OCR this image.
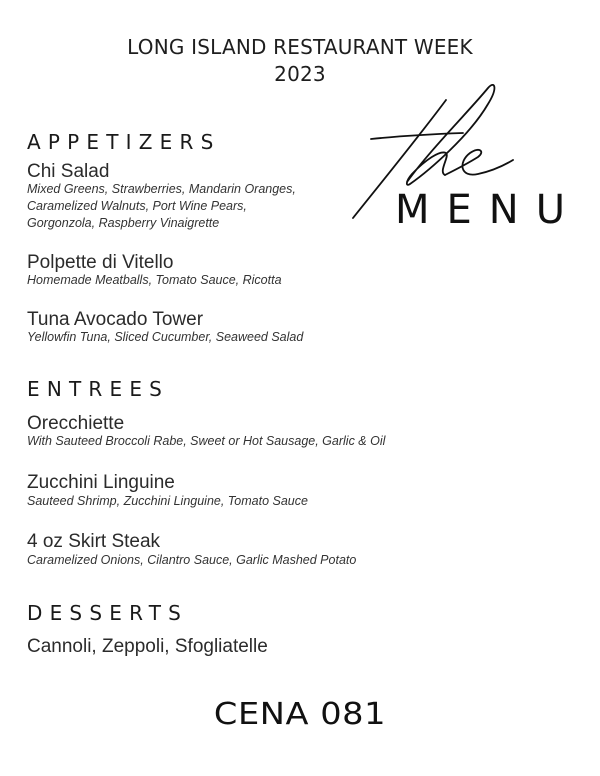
LONG ISLAND RESTAURANT WEEK
2023
MENU
APPETIZERS
Chi Salad
Mixed Greens, Strawberries, Mandarin Oranges,
Caramelized Walnuts, Port Wine Pears,
Gorgonzola, Raspberry Vinaigrette
Polpette di Vitello
Homemade Meatballs, Tomato Sauce, Ricotta
Tuna Avocado Tower
Yellowfin Tuna, Sliced Cucumber, Seaweed Salad
ENTREES
Orecchiette
With Sauteed Broccoli Rabe, Sweet or Hot Sausage, Garlic & Oil
Zucchini Linguine
Sauteed Shrimp, Zucchini Linguine, Tomato Sauce
4 oz Skirt Steak
Caramelized Onions, Cilantro Sauce, Garlic Mashed Potato
DESSERTS
Cannoli, Zeppoli, Sfogliatelle
CENA 081
